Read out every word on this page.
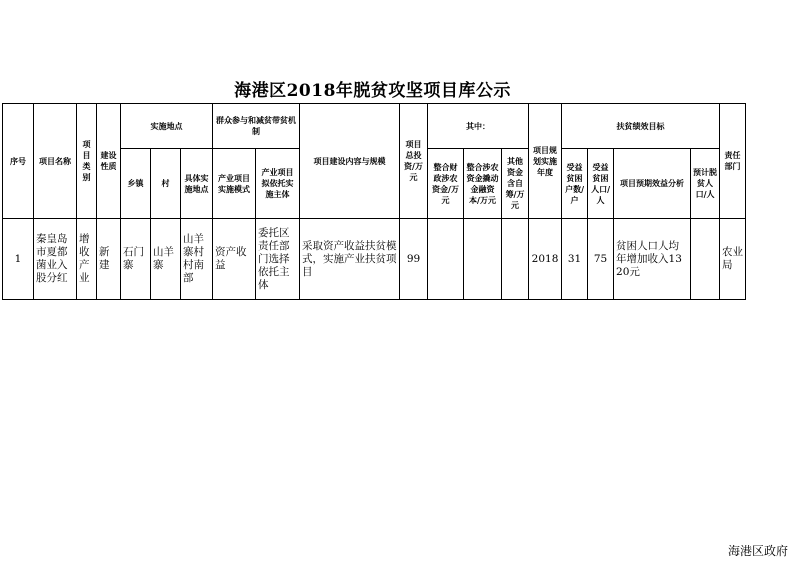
海港区2018年脱贫攻坚项目库公示
序号	项目名称	项目类别	建设性质	实施地点			群众参与和减贫带贫机制		项目建设内容与规模	项目总投资/万元	其中：			项目规划实施年度	扶贫绩效目标				责任部门
				乡镇	村	具体实施地点	产业项目实施模式	产业项目拟依托实施主体			整合财政涉农资金/万元	整合涉农资金撬动金融资本/万元	其他资金含自筹/万元		受益贫困户数/户	受益贫困人口/人	项目预期效益分析	预计脱贫人口/人	
1	秦皇岛市夏都菌业入股分红	增收产业	新建	石门寨	山羊寨	山羊寨村村南部	资产收益	委托区责任部门选择依托主体	采取资产收益扶贫模式，实施产业扶贫项目	99				2018	31	75	贫困人口人均年增加收入1320元		农业局
海港区政府
